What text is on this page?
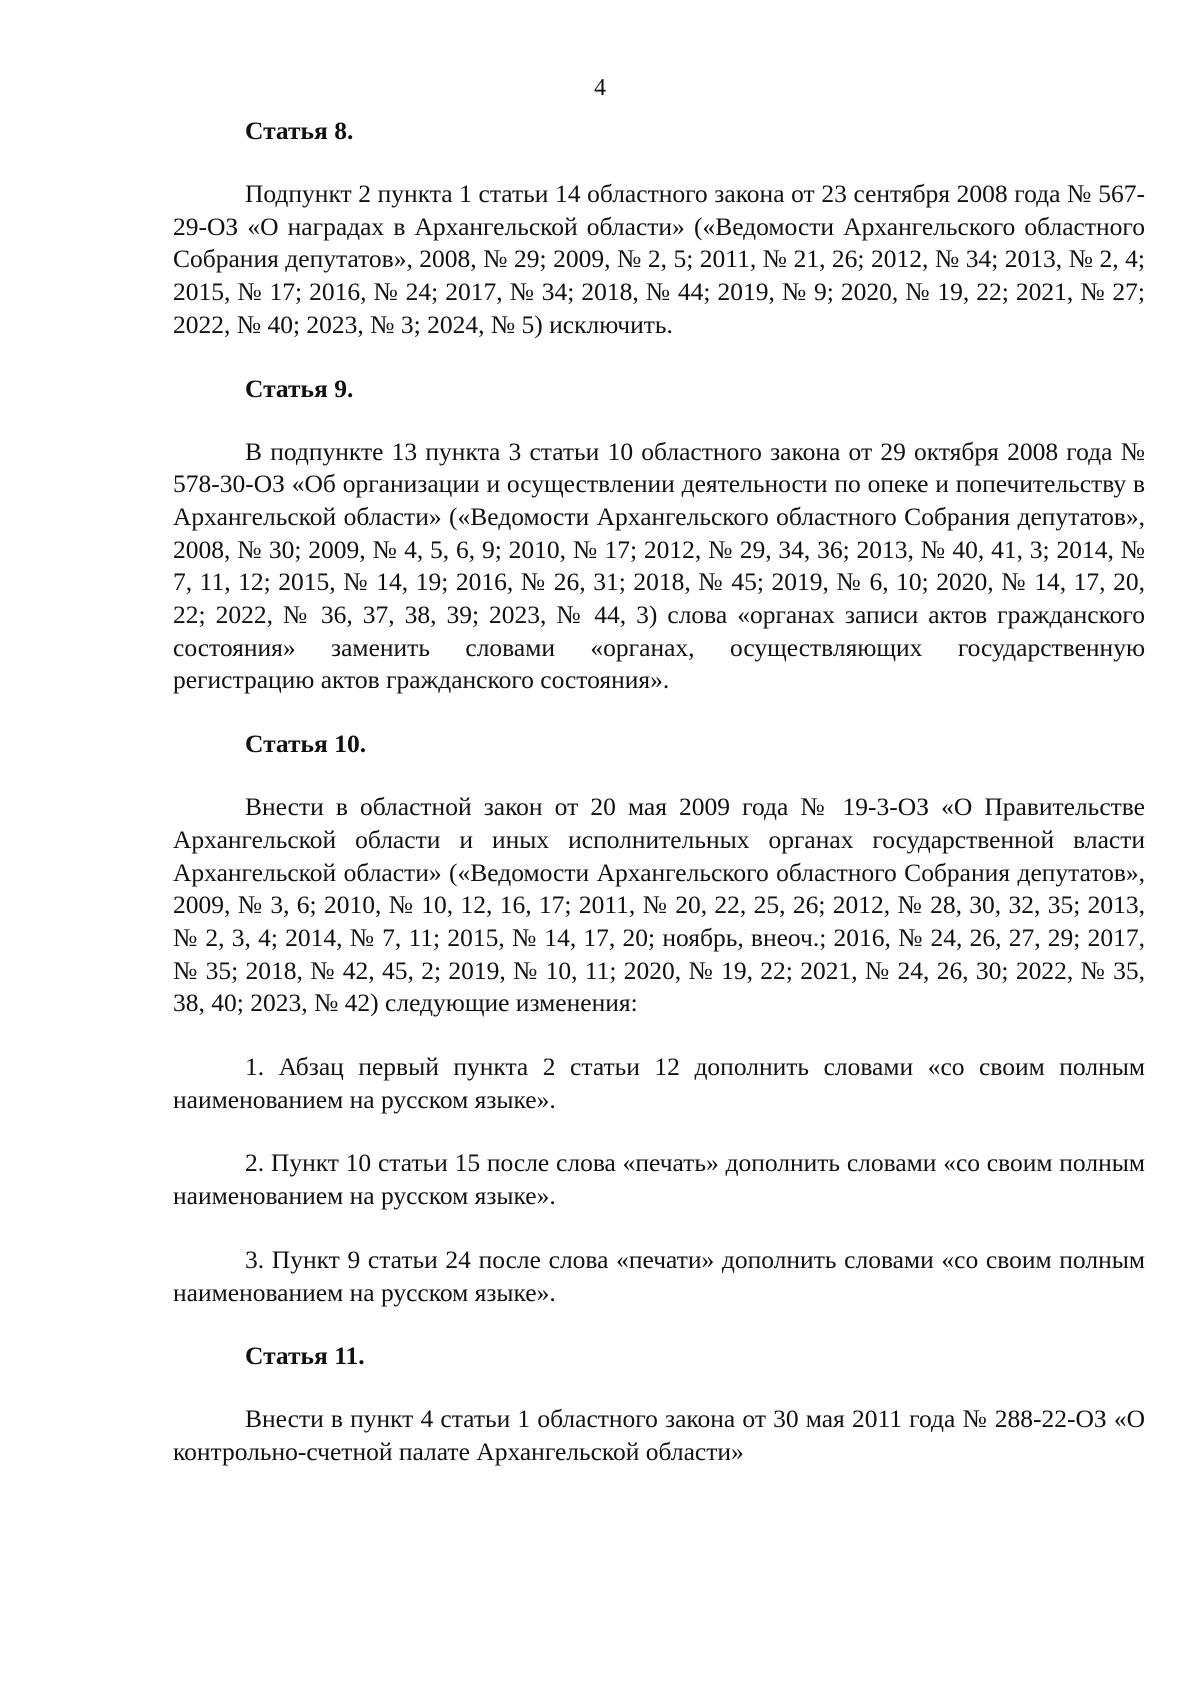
4
Статья 8.

Подпункт 2 пункта 1 статьи 14 областного закона от 23 сентября 2008 года № 567-29-ОЗ «О наградах в Архангельской области» («Ведомости Архангельского областного Собрания депутатов», 2008, № 29; 2009, № 2, 5; 2011, № 21, 26; 2012, № 34; 2013, № 2, 4; 2015, № 17; 2016, № 24; 2017, № 34; 2018, № 44; 2019, № 9; 2020, № 19, 22; 2021, № 27; 2022, № 40; 2023, № 3; 2024, № 5) исключить.

Статья 9.

В подпункте 13 пункта 3 статьи 10 областного закона от 29 октября 2008 года № 578-30-ОЗ «Об организации и осуществлении деятельности по опеке и попечительству в Архангельской области» («Ведомости Архангельского областного Собрания депутатов», 2008, № 30; 2009, № 4, 5, 6, 9; 2010, № 17; 2012, № 29, 34, 36; 2013, № 40, 41, 3; 2014, № 7, 11, 12; 2015, № 14, 19; 2016, № 26, 31; 2018, № 45; 2019, № 6, 10; 2020, № 14, 17, 20, 22; 2022, № 36, 37, 38, 39; 2023, № 44, 3) слова «органах записи актов гражданского состояния» заменить словами «органах, осуществляющих государственную регистрацию актов гражданского состояния».

Статья 10.

Внести в областной закон от 20 мая 2009 года № 19-3-ОЗ «О Правительстве Архангельской области и иных исполнительных органах государственной власти Архангельской области» («Ведомости Архангельского областного Собрания депутатов», 2009, № 3, 6; 2010, № 10, 12, 16, 17; 2011, № 20, 22, 25, 26; 2012, № 28, 30, 32, 35; 2013, № 2, 3, 4; 2014, № 7, 11; 2015, № 14, 17, 20; ноябрь, внеоч.; 2016, № 24, 26, 27, 29; 2017, № 35; 2018, № 42, 45, 2; 2019, № 10, 11; 2020, № 19, 22; 2021, № 24, 26, 30; 2022, № 35, 38, 40; 2023, № 42) следующие изменения:

1. Абзац первый пункта 2 статьи 12 дополнить словами «со своим полным наименованием на русском языке».

2. Пункт 10 статьи 15 после слова «печать» дополнить словами «со своим полным наименованием на русском языке».

3. Пункт 9 статьи 24 после слова «печати» дополнить словами «со своим полным наименованием на русском языке».

Статья 11.

Внести в пункт 4 статьи 1 областного закона от 30 мая 2011 года № 288-22-ОЗ «О контрольно-счетной палате Архангельской области»
